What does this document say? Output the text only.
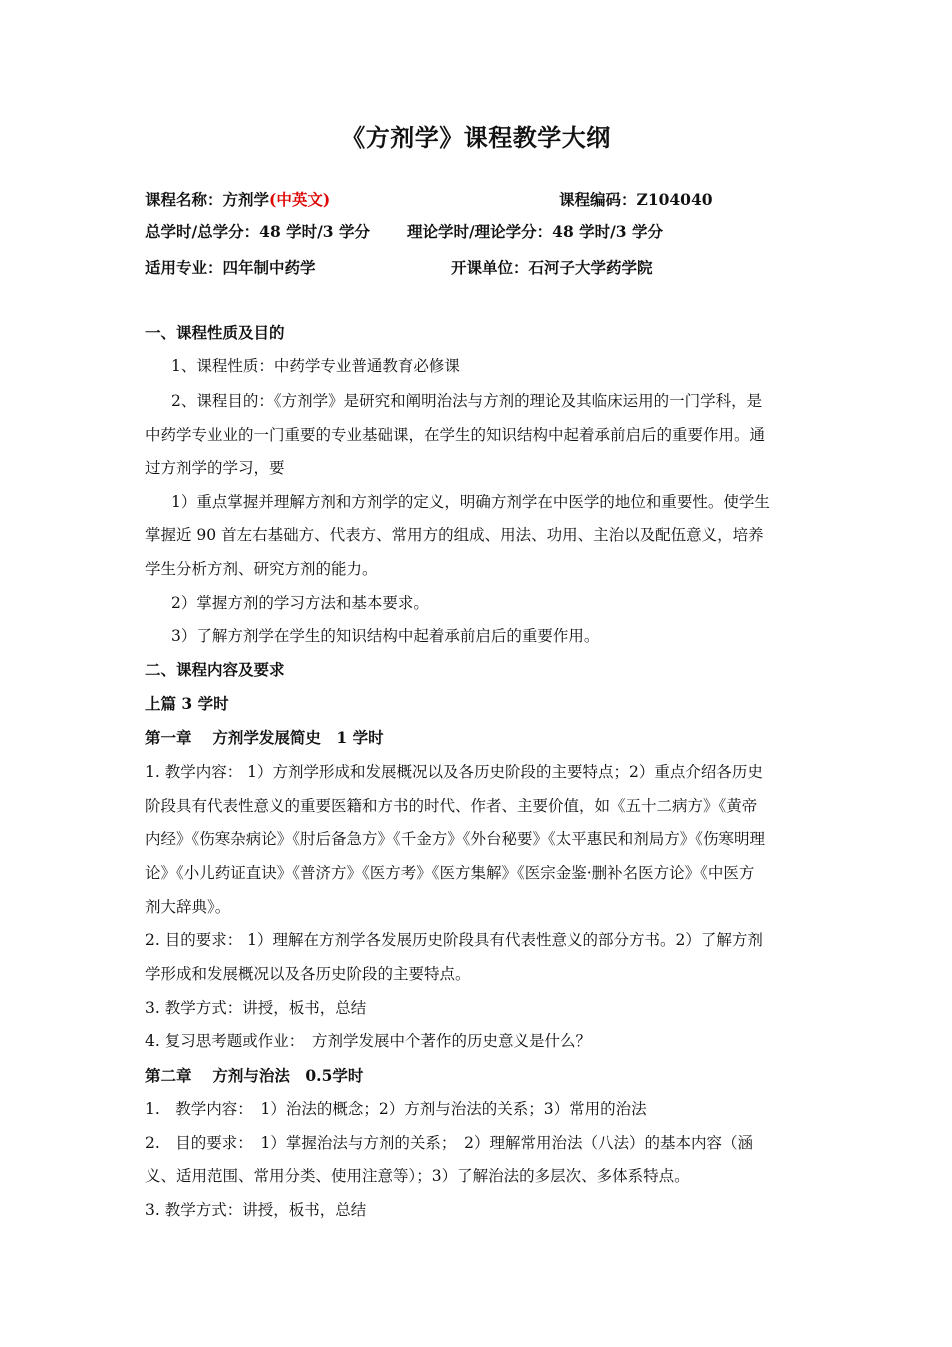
《方剂学》课程教学大纲
课程名称：方剂学(中英文)	课程编码：Z104040
总学时/总学分：48 学时/3 学分 理论学时/理论学分：48 学时/3 学分
适用专业：四年制中药学	开课单位：石河子大学药学院
一、课程性质及目的
1、课程性质：中药学专业普通教育必修课
2、课程目的：《方剂学》是研究和阐明治法与方剂的理论及其临床运用的一门学科，是
中药学专业业的一门重要的专业基础课，在学生的知识结构中起着承前启后的重要作用。通
过方剂学的学习，要
1）重点掌握并理解方剂和方剂学的定义，明确方剂学在中医学的地位和重要性。使学生
掌握近 90 首左右基础方、代表方、常用方的组成、用法、功用、主治以及配伍意义，培养
学生分析方剂、研究方剂的能力。
2）掌握方剂的学习方法和基本要求。
3）了解方剂学在学生的知识结构中起着承前启后的重要作用。
二、课程内容及要求
上篇 3 学时
第一章　 方剂学发展简史　1 学时
1. 教学内容： 1）方剂学形成和发展概况以及各历史阶段的主要特点；2）重点介绍各历史
阶段具有代表性意义的重要医籍和方书的时代、作者、主要价值，如《五十二病方》《黄帝
内经》《伤寒杂病论》《肘后备急方》《千金方》《外台秘要》《太平惠民和剂局方》《伤寒明理
论》《小儿药证直诀》《普济方》《医方考》《医方集解》《医宗金鉴·删补名医方论》《中医方
剂大辞典》。
2. 目的要求： 1）理解在方剂学各发展历史阶段具有代表性意义的部分方书。2）了解方剂
学形成和发展概况以及各历史阶段的主要特点。
3. 教学方式：讲授，板书，总结
4. 复习思考题或作业：　方剂学发展中个著作的历史意义是什么？
第二章　 方剂与治法　0.5学时
1.　教学内容：　1）治法的概念；2）方剂与治法的关系；3）常用的治法
2.　目的要求：　1）掌握治法与方剂的关系；　2）理解常用治法（八法）的基本内容（涵
义、适用范围、常用分类、使用注意等）；3）了解治法的多层次、多体系特点。
3. 教学方式：讲授，板书，总结
